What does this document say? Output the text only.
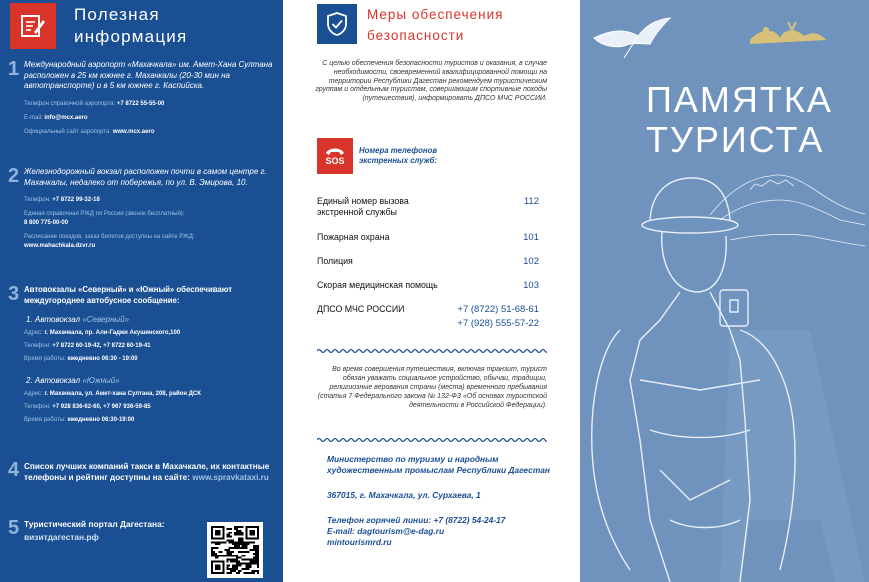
Полезная
информация
1 Международный аэропорт «Махачкала» им. Амет-Хана Султана расположен в 25 км южнее г. Махачкалы (20-30 мин на автотранспорте) и в 5 км южнее г. Каспийска.
Телефон справочной аэропорта: +7 8722 55-55-00
E-mail: info@mcx.aero
Официальный сайт аэропорта: www.mcx.aero
2 Железнодорожный вокзал расположен почти в самом центре г. Махачкалы, недалеко от побережья, по ул. В. Эмирова, 10.
Телефон: +7 8722 99-32-18
Единая справочная РЖД по России (звонок бесплатный):
8 800 775-00-00
Расписание поездов, заказ билетов доступны на сайте РЖД:
www.mahachkala.dzvr.ru
3 Автовокзалы «Северный» и «Южный» обеспечивают междугороднее автобусное сообщение:
1. Автовокзал «Северный»
Адрес: г. Махачкала, пр. Али-Гаджи Акушинского,100
Телефон: +7 8722 60-19-42, +7 8722 60-19-41
Время работы: ежедневно 06:30 - 19:00
2. Автовокзал «Южный»
Адрес: г. Махачкала, ул. Амет-хана Султана, 208, район ДСК
Телефон: +7 928 836-62-60, +7 967 936-59-85
Время работы: ежедневно 06:30-19:00
4 Список лучших компаний такси в Махачкале, их контактные телефоны и рейтинг доступны на сайте: www.spravkataxi.ru
5 Туристический портал Дагестана:
визитдагестан.рф
Меры обеспечения
безопасности
С целью обеспечения безопасности туристов и оказания, в случае необходимости, своевременной квалифицированной помощи на территории Республики Дагестан рекомендуем туристическим группам и отдельным туристам, совершающим спортивные походы (путешествия), информировать ДПСО МЧС РОССИИ.
SOS
Номера телефонов
экстренных служб:
Единый номер вызова экстренной службы
112
Пожарная охрана	101
Полиция	102
Скорая медицинская помощь	103
ДПСО МЧС РОССИИ	+7 (8722) 51-68-61
+7 (928) 555-57-22
Во время совершения путешествия, включая транзит, турист обязан уважать социальное устройство, обычаи, традиции, религиозные верования страны (места) временного пребывания (статья 7 Федерального закона № 132-ФЗ «Об основах туристской деятельности в Российской Федерации).

Министерство по туризму и народным художественным промыслам Республики Дагестан

367015, г. Махачкала, ул. Сурхаева, 1

Телефон горячей линии: +7 (8722) 54-24-17

E-mail: dagtourism@e-dag.ru

mintourismrd.ru

ПАМЯТКА
ТУРИСТА
